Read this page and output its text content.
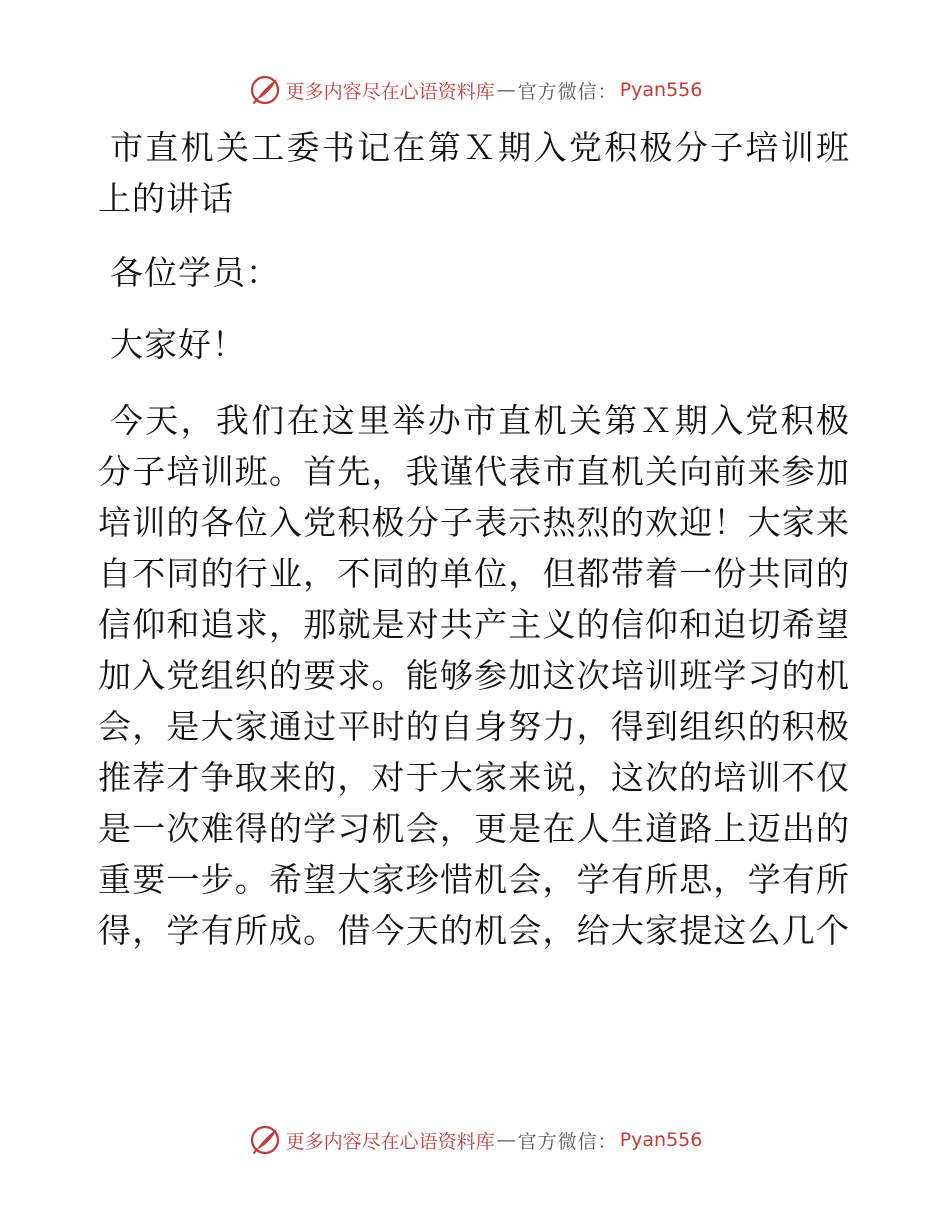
更多内容尽在心语资料库 — 官方微信： Pyan556
市直机关工委书记在第Ｘ期入党积极分子培训班
上的讲话
各位学员：
大家好！
今天，我们在这里举办市直机关第Ｘ期入党积极
分子培训班。首先，我谨代表市直机关向前来参加
培训的各位入党积极分子表示热烈的欢迎！大家来
自不同的行业，不同的单位，但都带着一份共同的
信仰和追求，那就是对共产主义的信仰和迫切希望
加入党组织的要求。能够参加这次培训班学习的机
会，是大家通过平时的自身努力，得到组织的积极
推荐才争取来的，对于大家来说，这次的培训不仅
是一次难得的学习机会，更是在人生道路上迈出的
重要一步。希望大家珍惜机会，学有所思，学有所
得，学有所成。借今天的机会，给大家提这么几个
更多内容尽在心语资料库 — 官方微信： Pyan556
